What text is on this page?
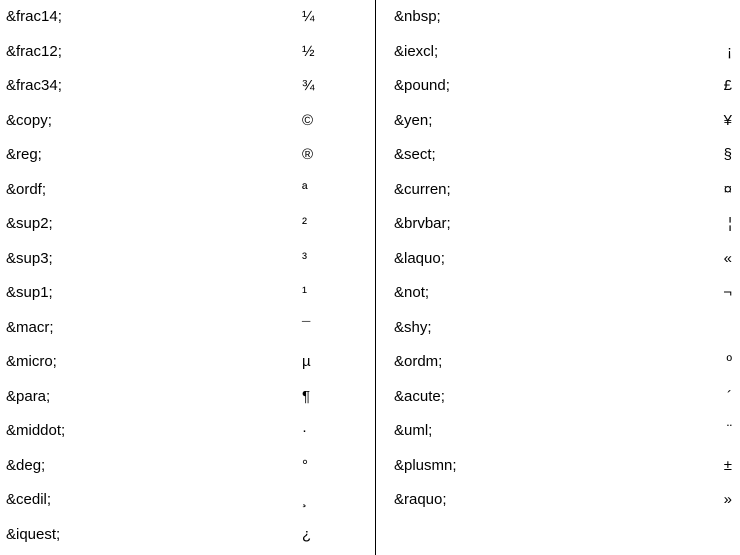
&frac14;	¼	&nbsp;	
&frac12;	½	&iexcl;	¡
&frac34;	¾	&pound;	£
&copy;	©	&yen;	¥
&reg;	®	&sect;	§
&ordf;	ª	&curren;	¤
&sup2;	²	&brvbar;	¦
&sup3;	³	&laquo;	«
&sup1;	¹	&not;	¬
&macr;	¯	&shy;	
&micro;	µ	&ordm;	º
&para;	¶	&acute;	´
&middot;	·	&uml;	¨
&deg;	°	&plusmn;	±
&cedil;	¸	&raquo;	»
&iquest;	¿		
